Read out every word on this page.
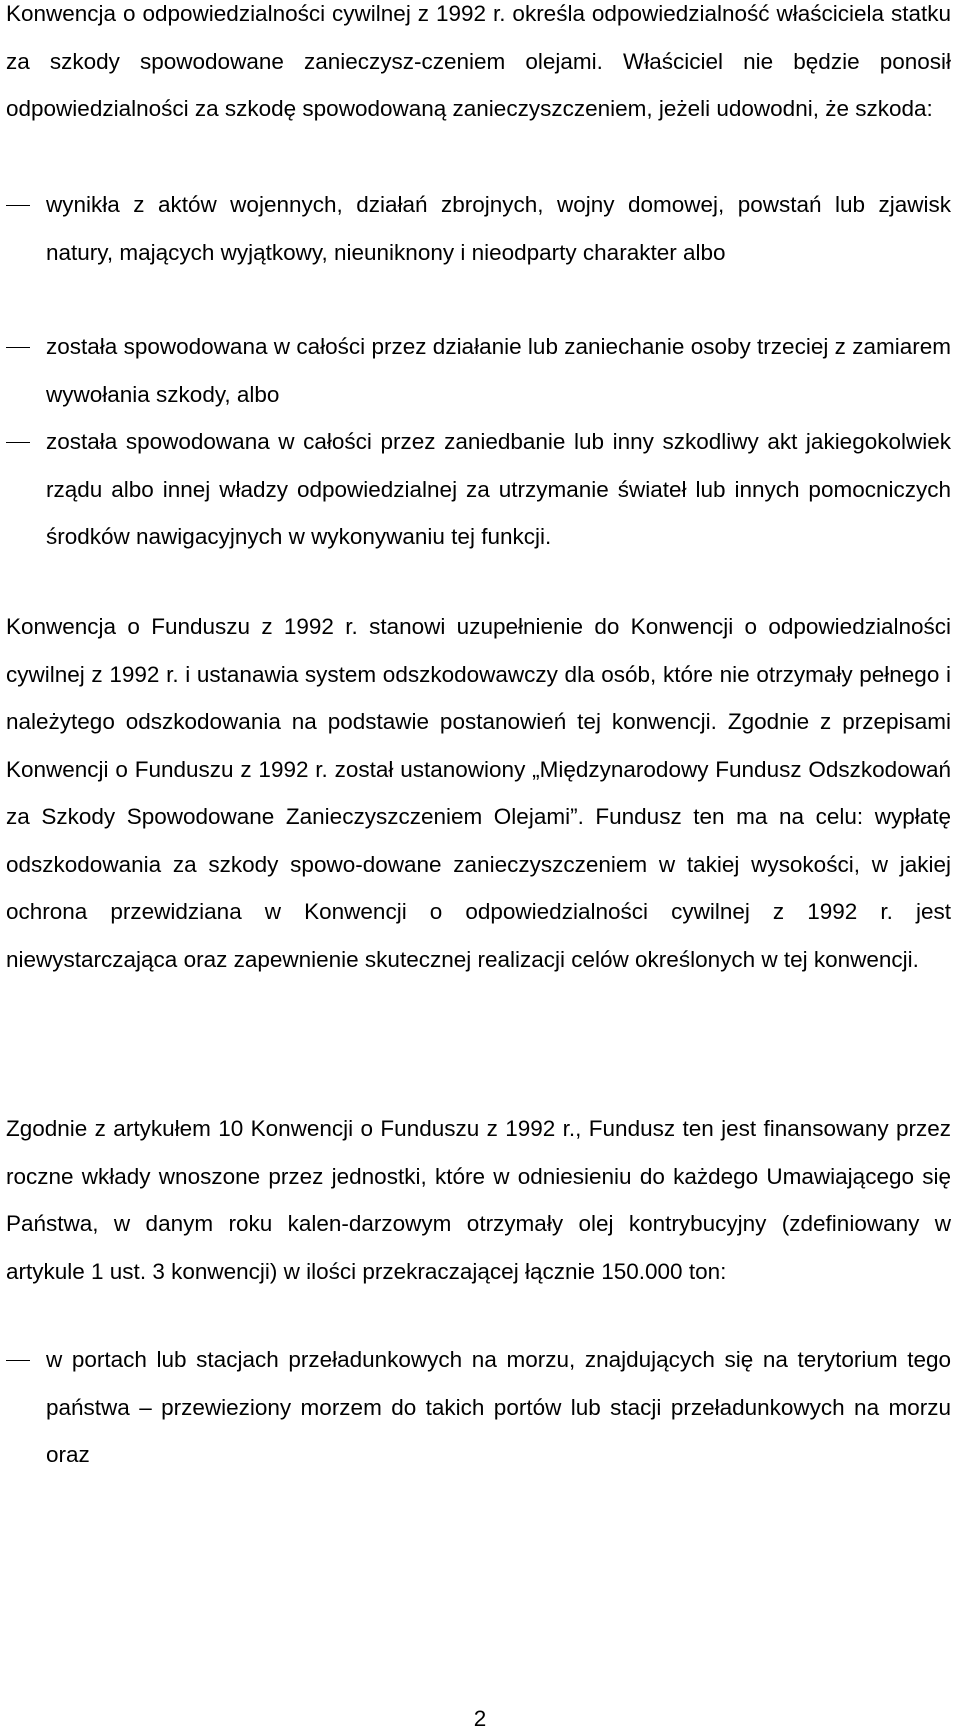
Konwencja o odpowiedzialności cywilnej z 1992 r. określa odpowiedzialność właściciela statku za szkody spowodowane zanieczysz-czeniem olejami. Właściciel nie będzie ponosił odpowiedzialności za szkodę spowodowaną zanieczyszczeniem, jeżeli udowodni, że szkoda:

wynikła z aktów wojennych, działań zbrojnych, wojny domowej, powstań lub zjawisk natury, mających wyjątkowy, nieuniknony i nieodparty charakter albo

została spowodowana w całości przez działanie lub zaniechanie osoby trzeciej z zamiarem wywołania szkody, albo

została spowodowana w całości przez zaniedbanie lub inny szkodliwy akt jakiegokolwiek rządu albo innej władzy odpowiedzialnej za utrzymanie świateł lub innych pomocniczych środków nawigacyjnych w wykonywaniu tej funkcji.

Konwencja o Funduszu z 1992 r. stanowi uzupełnienie do Konwencji o odpowiedzialności cywilnej z 1992 r. i ustanawia system odszkodowawczy dla osób, które nie otrzymały pełnego i należytego odszkodowania na podstawie postanowień tej konwencji. Zgodnie z przepisami Konwencji o Funduszu z 1992 r. został ustanowiony „Międzynarodowy Fundusz Odszkodowań za Szkody Spowodowane Zanieczyszczeniem Olejami”. Fundusz ten ma na celu: wypłatę odszkodowania za szkody spowo-dowane zanieczyszczeniem w takiej wysokości, w jakiej ochrona przewidziana w Konwencji o odpowiedzialności cywilnej z 1992 r. jest niewystarczająca oraz zapewnienie skutecznej realizacji celów określonych w tej konwencji.

Zgodnie z artykułem 10 Konwencji o Funduszu z 1992 r., Fundusz ten jest finansowany przez roczne wkłady wnoszone przez jednostki, które w odniesieniu do każdego Umawiającego się Państwa, w danym roku kalen-darzowym otrzymały olej kontrybucyjny (zdefiniowany w artykule 1 ust. 3 konwencji) w ilości przekraczającej łącznie 150.000 ton:

w portach lub stacjach przeładunkowych na morzu, znajdujących się na terytorium tego państwa – przewieziony morzem do takich portów lub stacji przeładunkowych na morzu oraz

2
